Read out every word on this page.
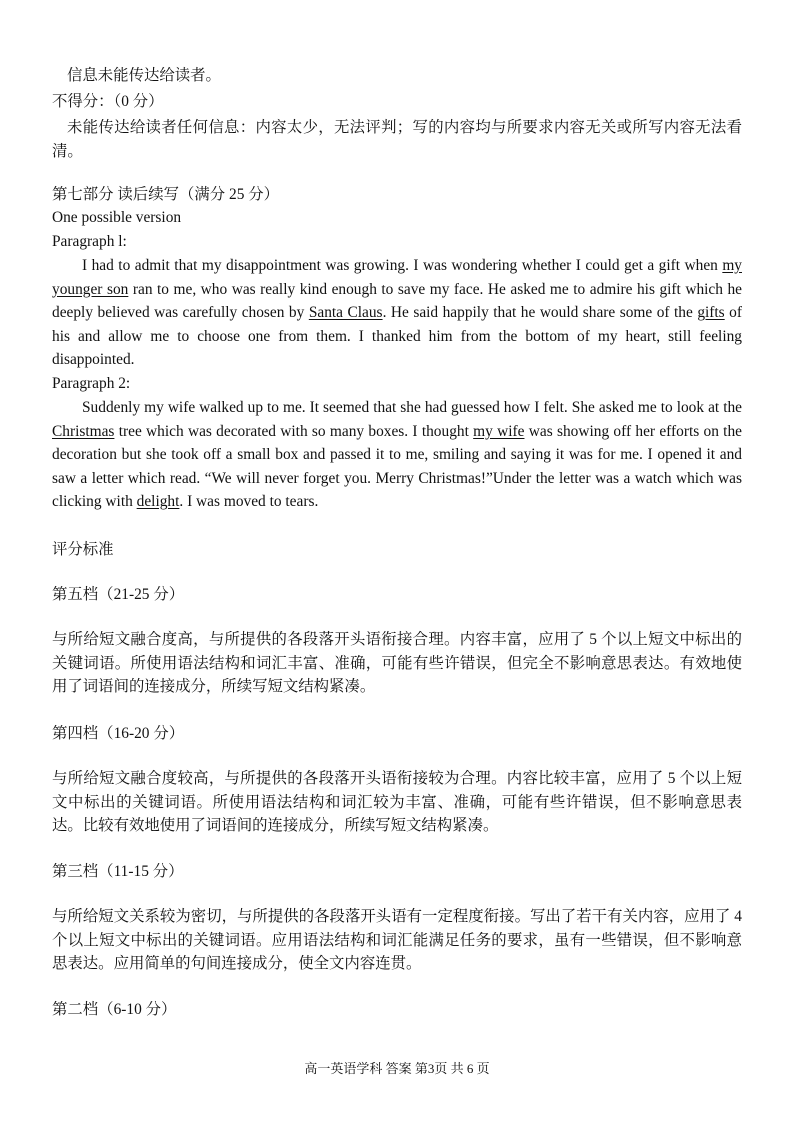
信息未能传达给读者。
不得分：（0 分）
未能传达给读者任何信息：内容太少，无法评判；写的内容均与所要求内容无关或所写内容无法看清。
第七部分 读后续写（满分 25 分）
One possible version
Paragraph l:
I had to admit that my disappointment was growing. I was wondering whether I could get a gift when my younger son ran to me, who was really kind enough to save my face. He asked me to admire his gift which he deeply believed was carefully chosen by Santa Claus. He said happily that he would share some of the gifts of his and allow me to choose one from them. I thanked him from the bottom of my heart, still feeling disappointed.
Paragraph 2:
Suddenly my wife walked up to me. It seemed that she had guessed how I felt. She asked me to look at the Christmas tree which was decorated with so many boxes. I thought my wife was showing off her efforts on the decoration but she took off a small box and passed it to me, smiling and saying it was for me. I opened it and saw a letter which read. “We will never forget you. Merry Christmas!”Under the letter was a watch which was clicking with delight. I was moved to tears.
评分标准
第五档（21-25 分）
与所给短文融合度高，与所提供的各段落开头语衔接合理。内容丰富，应用了 5 个以上短文中标出的关键词语。所使用语法结构和词汇丰富、准确，可能有些许错误，但完全不影响意思表达。有效地使用了词语间的连接成分，所续写短文结构紧凑。
第四档（16-20 分）
与所给短文融合度较高，与所提供的各段落开头语衔接较为合理。内容比较丰富，应用了 5 个以上短文中标出的关键词语。所使用语法结构和词汇较为丰富、准确，可能有些许错误，但不影响意思表达。比较有效地使用了词语间的连接成分，所续写短文结构紧凑。
第三档（11-15 分）
与所给短文关系较为密切，与所提供的各段落开头语有一定程度衔接。写出了若干有关内容，应用了 4 个以上短文中标出的关键词语。应用语法结构和词汇能满足任务的要求，虽有一些错误，但不影响意思表达。应用简单的句间连接成分，使全文内容连贯。
第二档（6-10 分）
高一英语学科 答案 第3页 共 6 页
